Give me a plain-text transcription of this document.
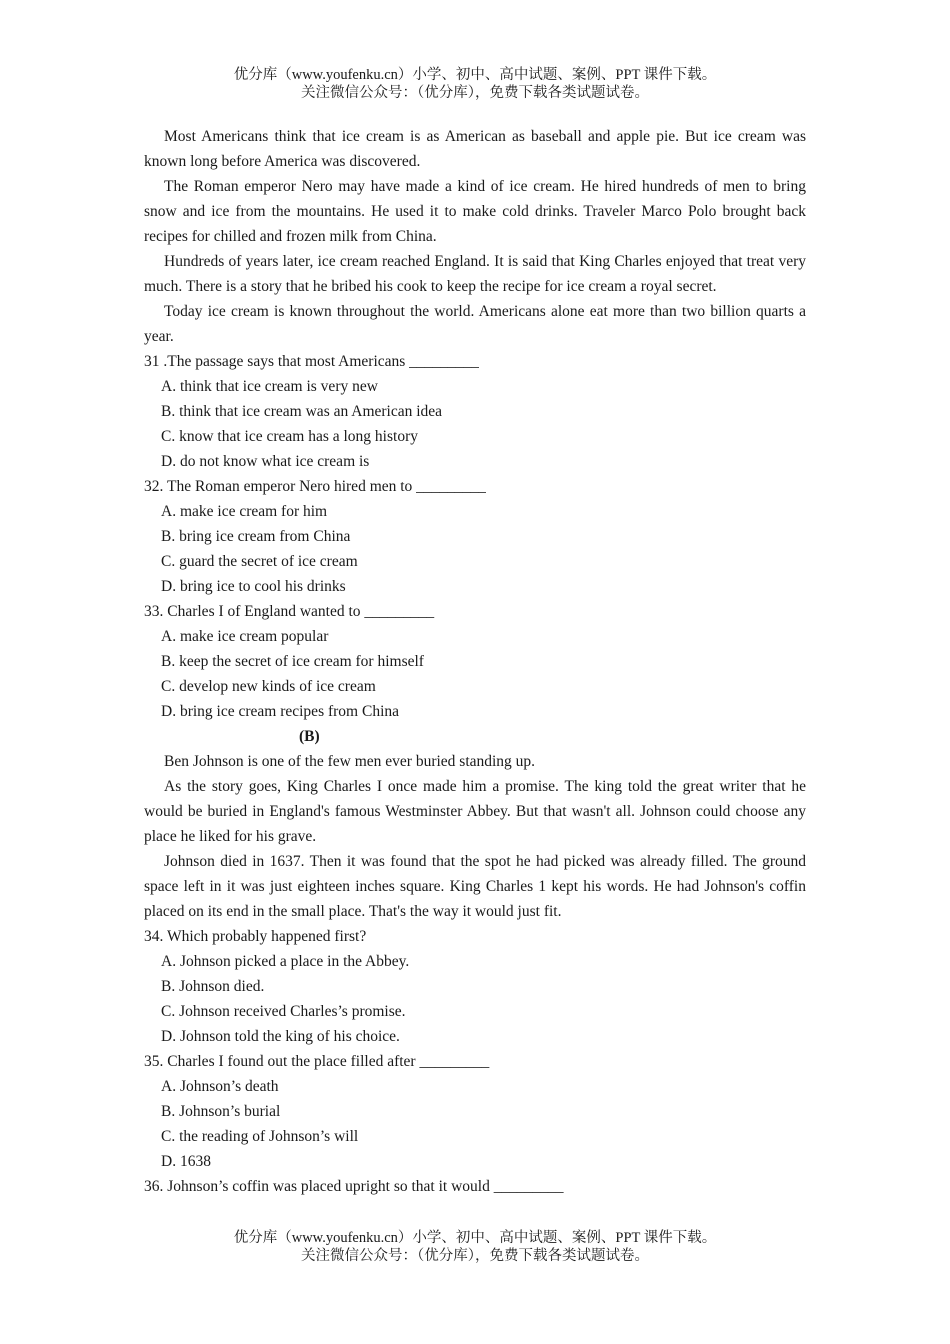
优分库（www.youfenku.cn）小学、初中、高中试题、案例、PPT 课件下载。
关注微信公众号：（优分库），免费下载各类试题试卷。

Most Americans think that ice cream is as American as baseball and apple pie. But ice cream was known long before America was discovered.

The Roman emperor Nero may have made a kind of ice cream. He hired hundreds of men to bring snow and ice from the mountains. He used it to make cold drinks. Traveler Marco Polo brought back recipes for chilled and frozen milk from China.

Hundreds of years later, ice cream reached England. It is said that King Charles enjoyed that treat very much. There is a story that he bribed his cook to keep the recipe for ice cream a royal secret.

Today ice cream is known throughout the world. Americans alone eat more than two billion quarts a year.

31 .The passage says that most Americans _________

A. think that ice cream is very new

B. think that ice cream was an American idea

C. know that ice cream has a long history

D. do not know what ice cream is

32. The Roman emperor Nero hired men to _________

A. make ice cream for him

B. bring ice cream from China

C. guard the secret of ice cream

D. bring ice to cool his drinks

33. Charles I of England wanted to _________

A. make ice cream popular

B. keep the secret of ice cream for himself

C. develop new kinds of ice cream

D. bring ice cream recipes from China

(B)

Ben Johnson is one of the few men ever buried standing up.

As the story goes, King Charles I once made him a promise. The king told the great writer that he would be buried in England's famous Westminster Abbey. But that wasn't all. Johnson could choose any place he liked for his grave.

Johnson died in 1637. Then it was found that the spot he had picked was already filled. The ground space left in it was just eighteen inches square. King Charles 1 kept his words. He had Johnson's coffin placed on its end in the small place. That's the way it would just fit.

34. Which probably happened first?

A. Johnson picked a place in the Abbey.

B. Johnson died.

C. Johnson received Charles’s promise.

D. Johnson told the king of his choice.

35. Charles I found out the place filled after _________

A. Johnson’s death

B. Johnson’s burial

C. the reading of Johnson’s will

D. 1638

36. Johnson’s coffin was placed upright so that it would _________

优分库（www.youfenku.cn）小学、初中、高中试题、案例、PPT 课件下载。
关注微信公众号：（优分库），免费下载各类试题试卷。
